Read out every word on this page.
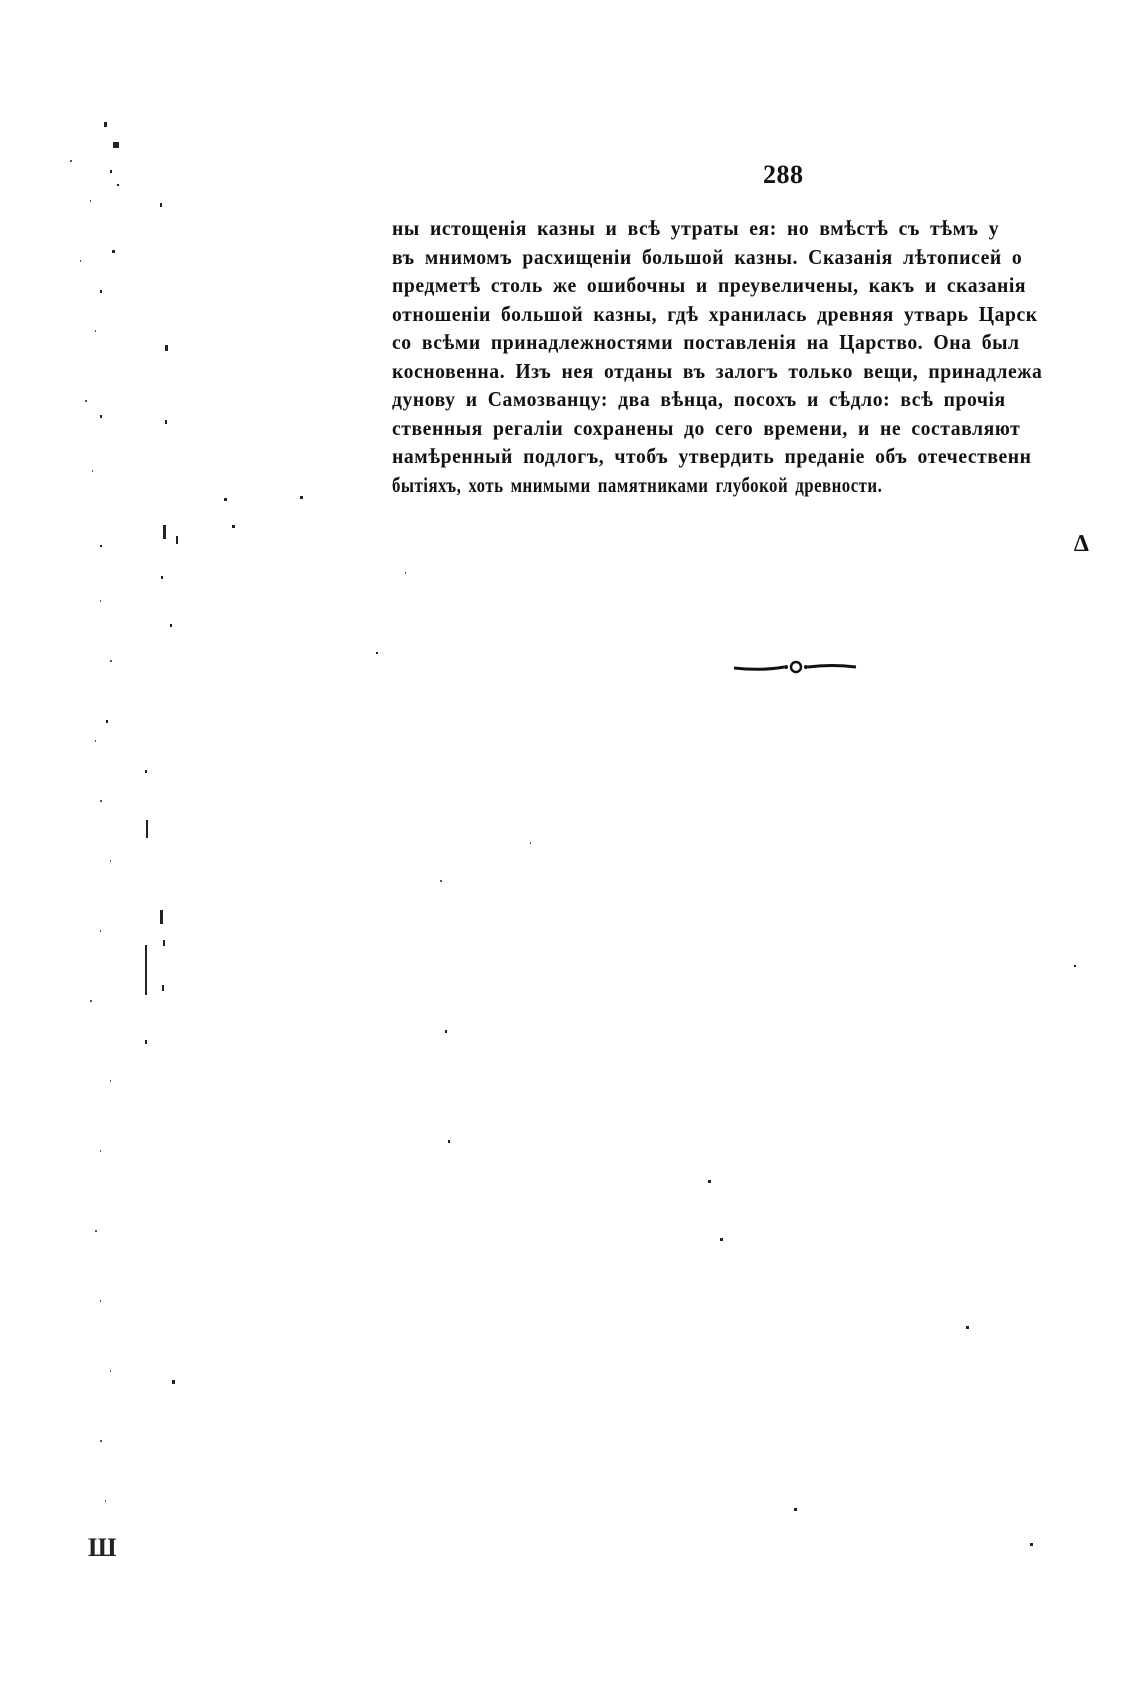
288
ны истощенія казны и всѣ утраты ея: но вмѣстѣ съ тѣмъ у
въ мнимомъ расхищеніи большой казны. Сказанія лѣтописей о
предметѣ столь же ошибочны и преувеличены, какъ и сказанія
отношеніи большой казны, гдѣ хранилась древняя утварь Царск
со всѣми принадлежностями поставленія на Царство. Она был
косновенна. Изъ нея отданы въ залогъ только вещи, принадлежа
дунову и Самозванцу: два вѣнца, посохъ и сѣдло: всѣ прочія
ственныя регаліи сохранены до сего времени, и не составляют
намѣренный подлогъ, чтобъ утвердить преданіе объ отечественн
бытіяхъ, хоть мнимыми памятниками глубокой древности.
∆
Ш
